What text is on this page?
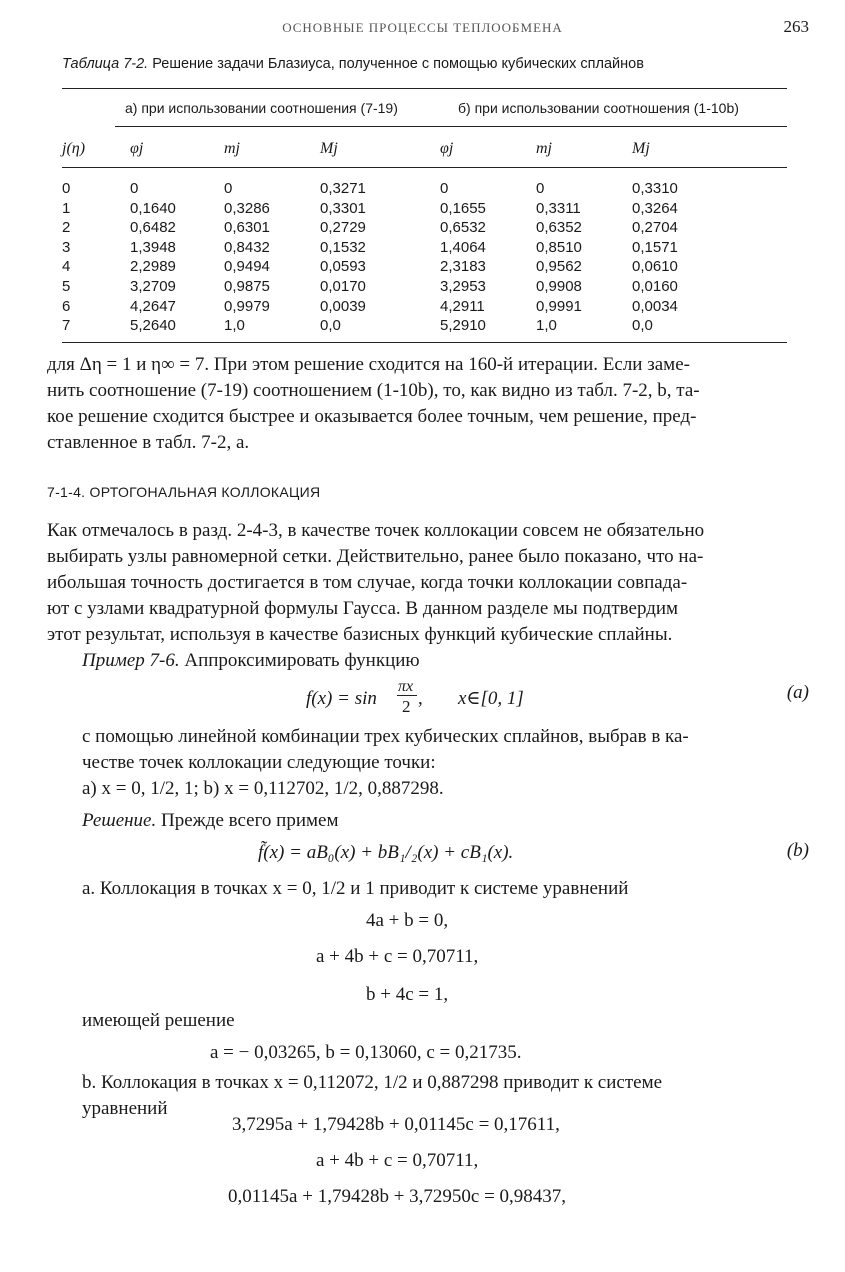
ОСНОВНЫЕ ПРОЦЕССЫ ТЕПЛООБМЕНА	263
Таблица 7-2. Решение задачи Блазиуса, полученное с помощью кубических сплайнов
а) при использовании соотношения (7-19)	б) при использовании соотношения (1-10b)
j(η)	φj	mj	Mj	φj	mj	Mj
0	0	0	0,3271	0	0	0,3310
1	0,1640	0,3286	0,3301	0,1655	0,3311	0,3264
2	0,6482	0,6301	0,2729	0,6532	0,6352	0,2704
3	1,3948	0,8432	0,1532	1,4064	0,8510	0,1571
4	2,2989	0,9494	0,0593	2,3183	0,9562	0,0610
5	3,2709	0,9875	0,0170	3,2953	0,9908	0,0160
6	4,2647	0,9979	0,0039	4,2911	0,9991	0,0034
7	5,2640	1,0	0,0	5,2910	1,0	0,0
для Δη = 1 и η∞ = 7. При этом решение сходится на 160-й итерации. Если заме-
нить соотношение (7-19) соотношением (1-10b), то, как видно из табл. 7-2, b, та-
кое решение сходится быстрее и оказывается более точным, чем решение, пред-
ставленное в табл. 7-2, a.
7-1-4. ОРТОГОНАЛЬНАЯ КОЛЛОКАЦИЯ
Как отмечалось в разд. 2-4-3, в качестве точек коллокации совсем не обязательно
выбирать узлы равномерной сетки. Действительно, ранее было показано, что на-
ибольшая точность достигается в том случае, когда точки коллокации совпада-
ют с узлами квадратурной формулы Гаусса. В данном разделе мы подтвердим
этот результат, используя в качестве базисных функций кубические сплайны.
Пример 7-6. Аппроксимировать функцию
f(x) = sin
πx
2 , x∈[0, 1]	(a)
с помощью линейной комбинации трех кубических сплайнов, выбрав в ка-
честве точек коллокации следующие точки:
a) x = 0, 1/2, 1; b) x = 0,112702, 1/2, 0,887298.
Решение. Прежде всего примем
f̃(x) = aB₀(x) + bB₁/₂(x) + cB₁(x).	(b)
a. Коллокация в точках x = 0, 1/2 и 1 приводит к системе уравнений
4a + b = 0,
a + 4b + c = 0,70711,
b + 4c = 1,
имеющей решение
a = − 0,03265, b = 0,13060, c = 0,21735.
b. Коллокация в точках x = 0,112072, 1/2 и 0,887298 приводит к системе
уравнений
3,7295a + 1,79428b + 0,01145c = 0,17611,
a + 4b + c = 0,70711,
0,01145a + 1,79428b + 3,72950c = 0,98437,
